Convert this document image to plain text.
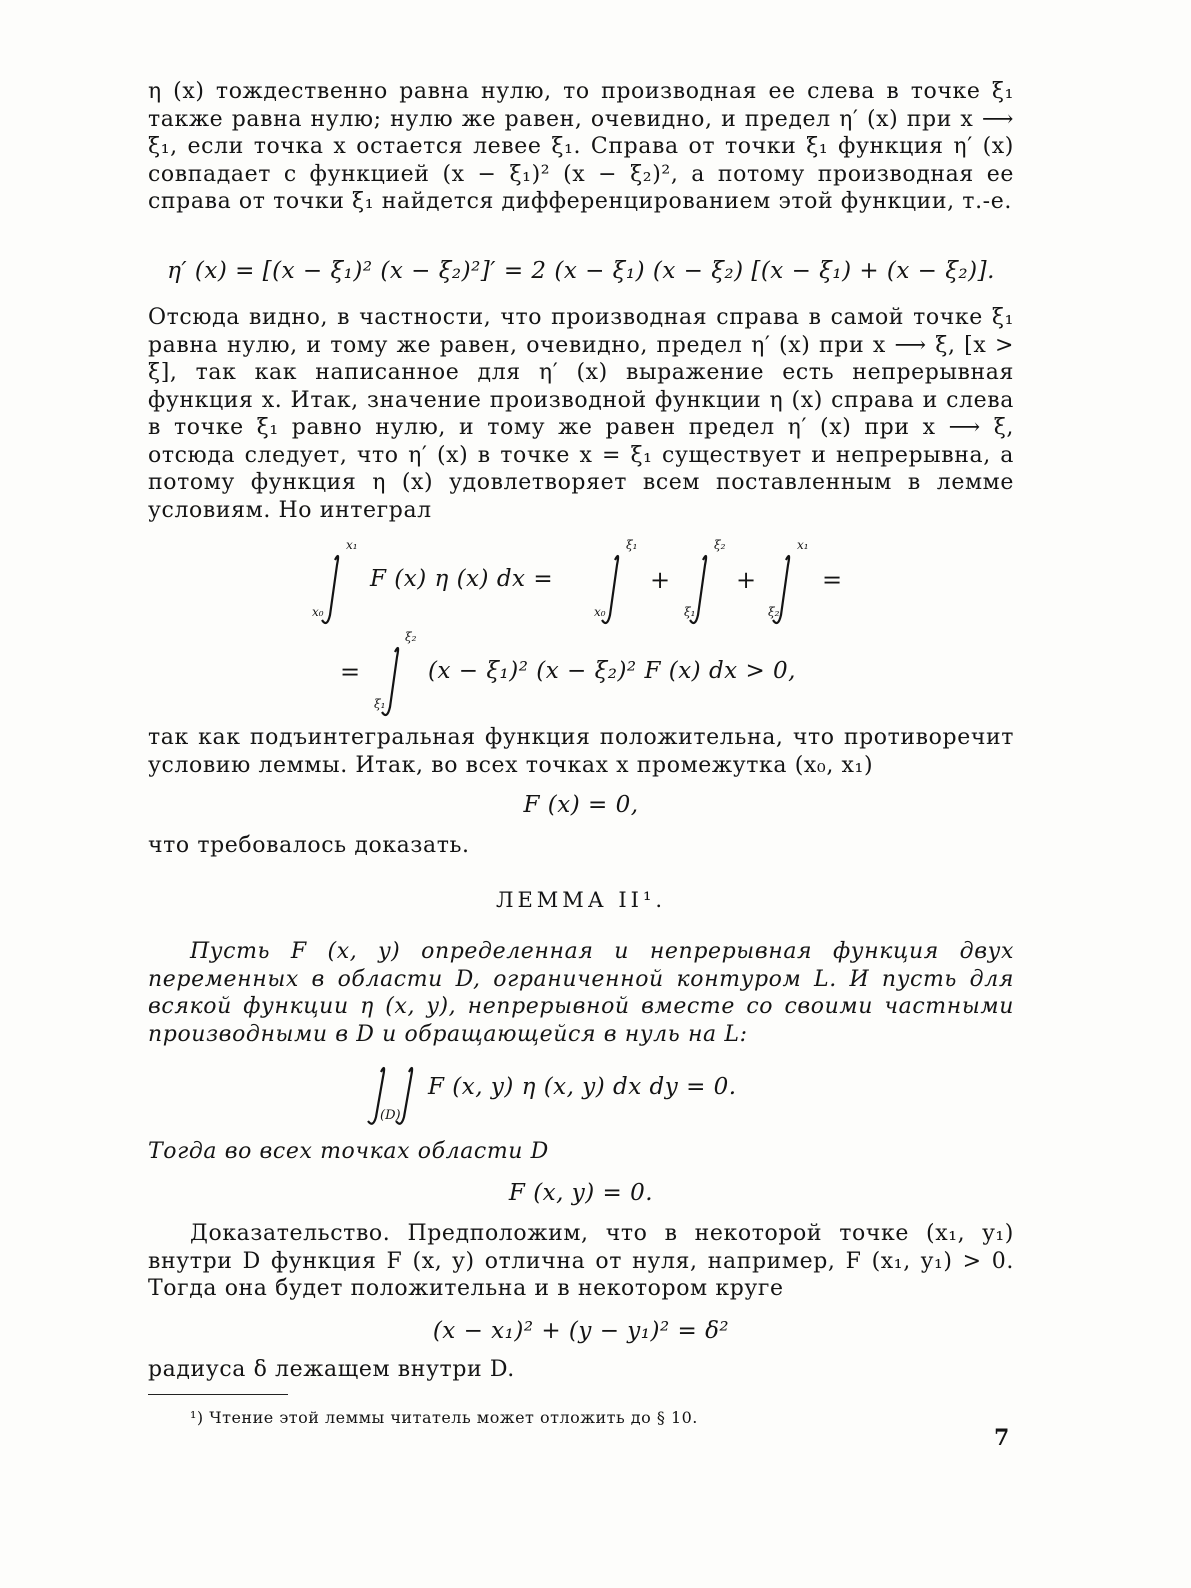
η (x) тождественно равна нулю, то производная ее слева в точке ξ₁ также равна нулю; нулю же равен, очевидно, и предел η′ (x) при x ⟶ ξ₁, если точка x остается левее ξ₁. Справа от точки ξ₁ функция η′ (x) совпадает с функцией (x − ξ₁)² (x − ξ₂)², а потому производная ее справа от точки ξ₁ найдется дифференцированием этой функции, т.-е.

η′ (x) = [(x − ξ₁)² (x − ξ₂)²]′ = 2 (x − ξ₁) (x − ξ₂) [(x − ξ₁) + (x − ξ₂)].

Отсюда видно, в частности, что производная справа в самой точке ξ₁ равна нулю, и тому же равен, очевидно, предел η′ (x) при x ⟶ ξ, [x > ξ], так как написанное для η′ (x) выражение есть непрерывная функция x. Итак, значение производной функции η (x) справа и слева в точке ξ₁ равно нулю, и тому же равен предел η′ (x) при x ⟶ ξ, отсюда следует, что η′ (x) в точке x = ξ₁ существует и непрерывна, а потому функция η (x) удовлетворяет всем поставленным в лемме условиям. Но интеграл

x₁
x₀
F (x) η (x) dx =
ξ₁
x₀
+
ξ₂
ξ₁
+
x₁
ξ₂
=
=
ξ₂
ξ₁
(x − ξ₁)² (x − ξ₂)² F (x) dx > 0,

так как подъинтегральная функция положительна, что противоречит условию леммы. Итак, во всех точках x промежутка (x₀, x₁)

F (x) = 0,

что требовалось доказать.

ЛЕММА II¹.

Пусть F (x, y) определенная и непрерывная функция двух переменных в области D, ограниченной контуром L. И пусть для всякой функции η (x, y), непрерывной вместе со своими частными производными в D и обращающейся в нуль на L:

F (x, y) η (x, y) dx dy = 0.
(D)

Тогда во всех точках области D

F (x, y) = 0.

Доказательство. Предположим, что в некоторой точке (x₁, y₁) внутри D функция F (x, y) отлична от нуля, например, F (x₁, y₁) > 0. Тогда она будет положительна и в некотором круге

(x − x₁)² + (y − y₁)² = δ²

радиуса δ лежащем внутри D.

¹) Чтение этой леммы читатель может отложить до § 10.
7
